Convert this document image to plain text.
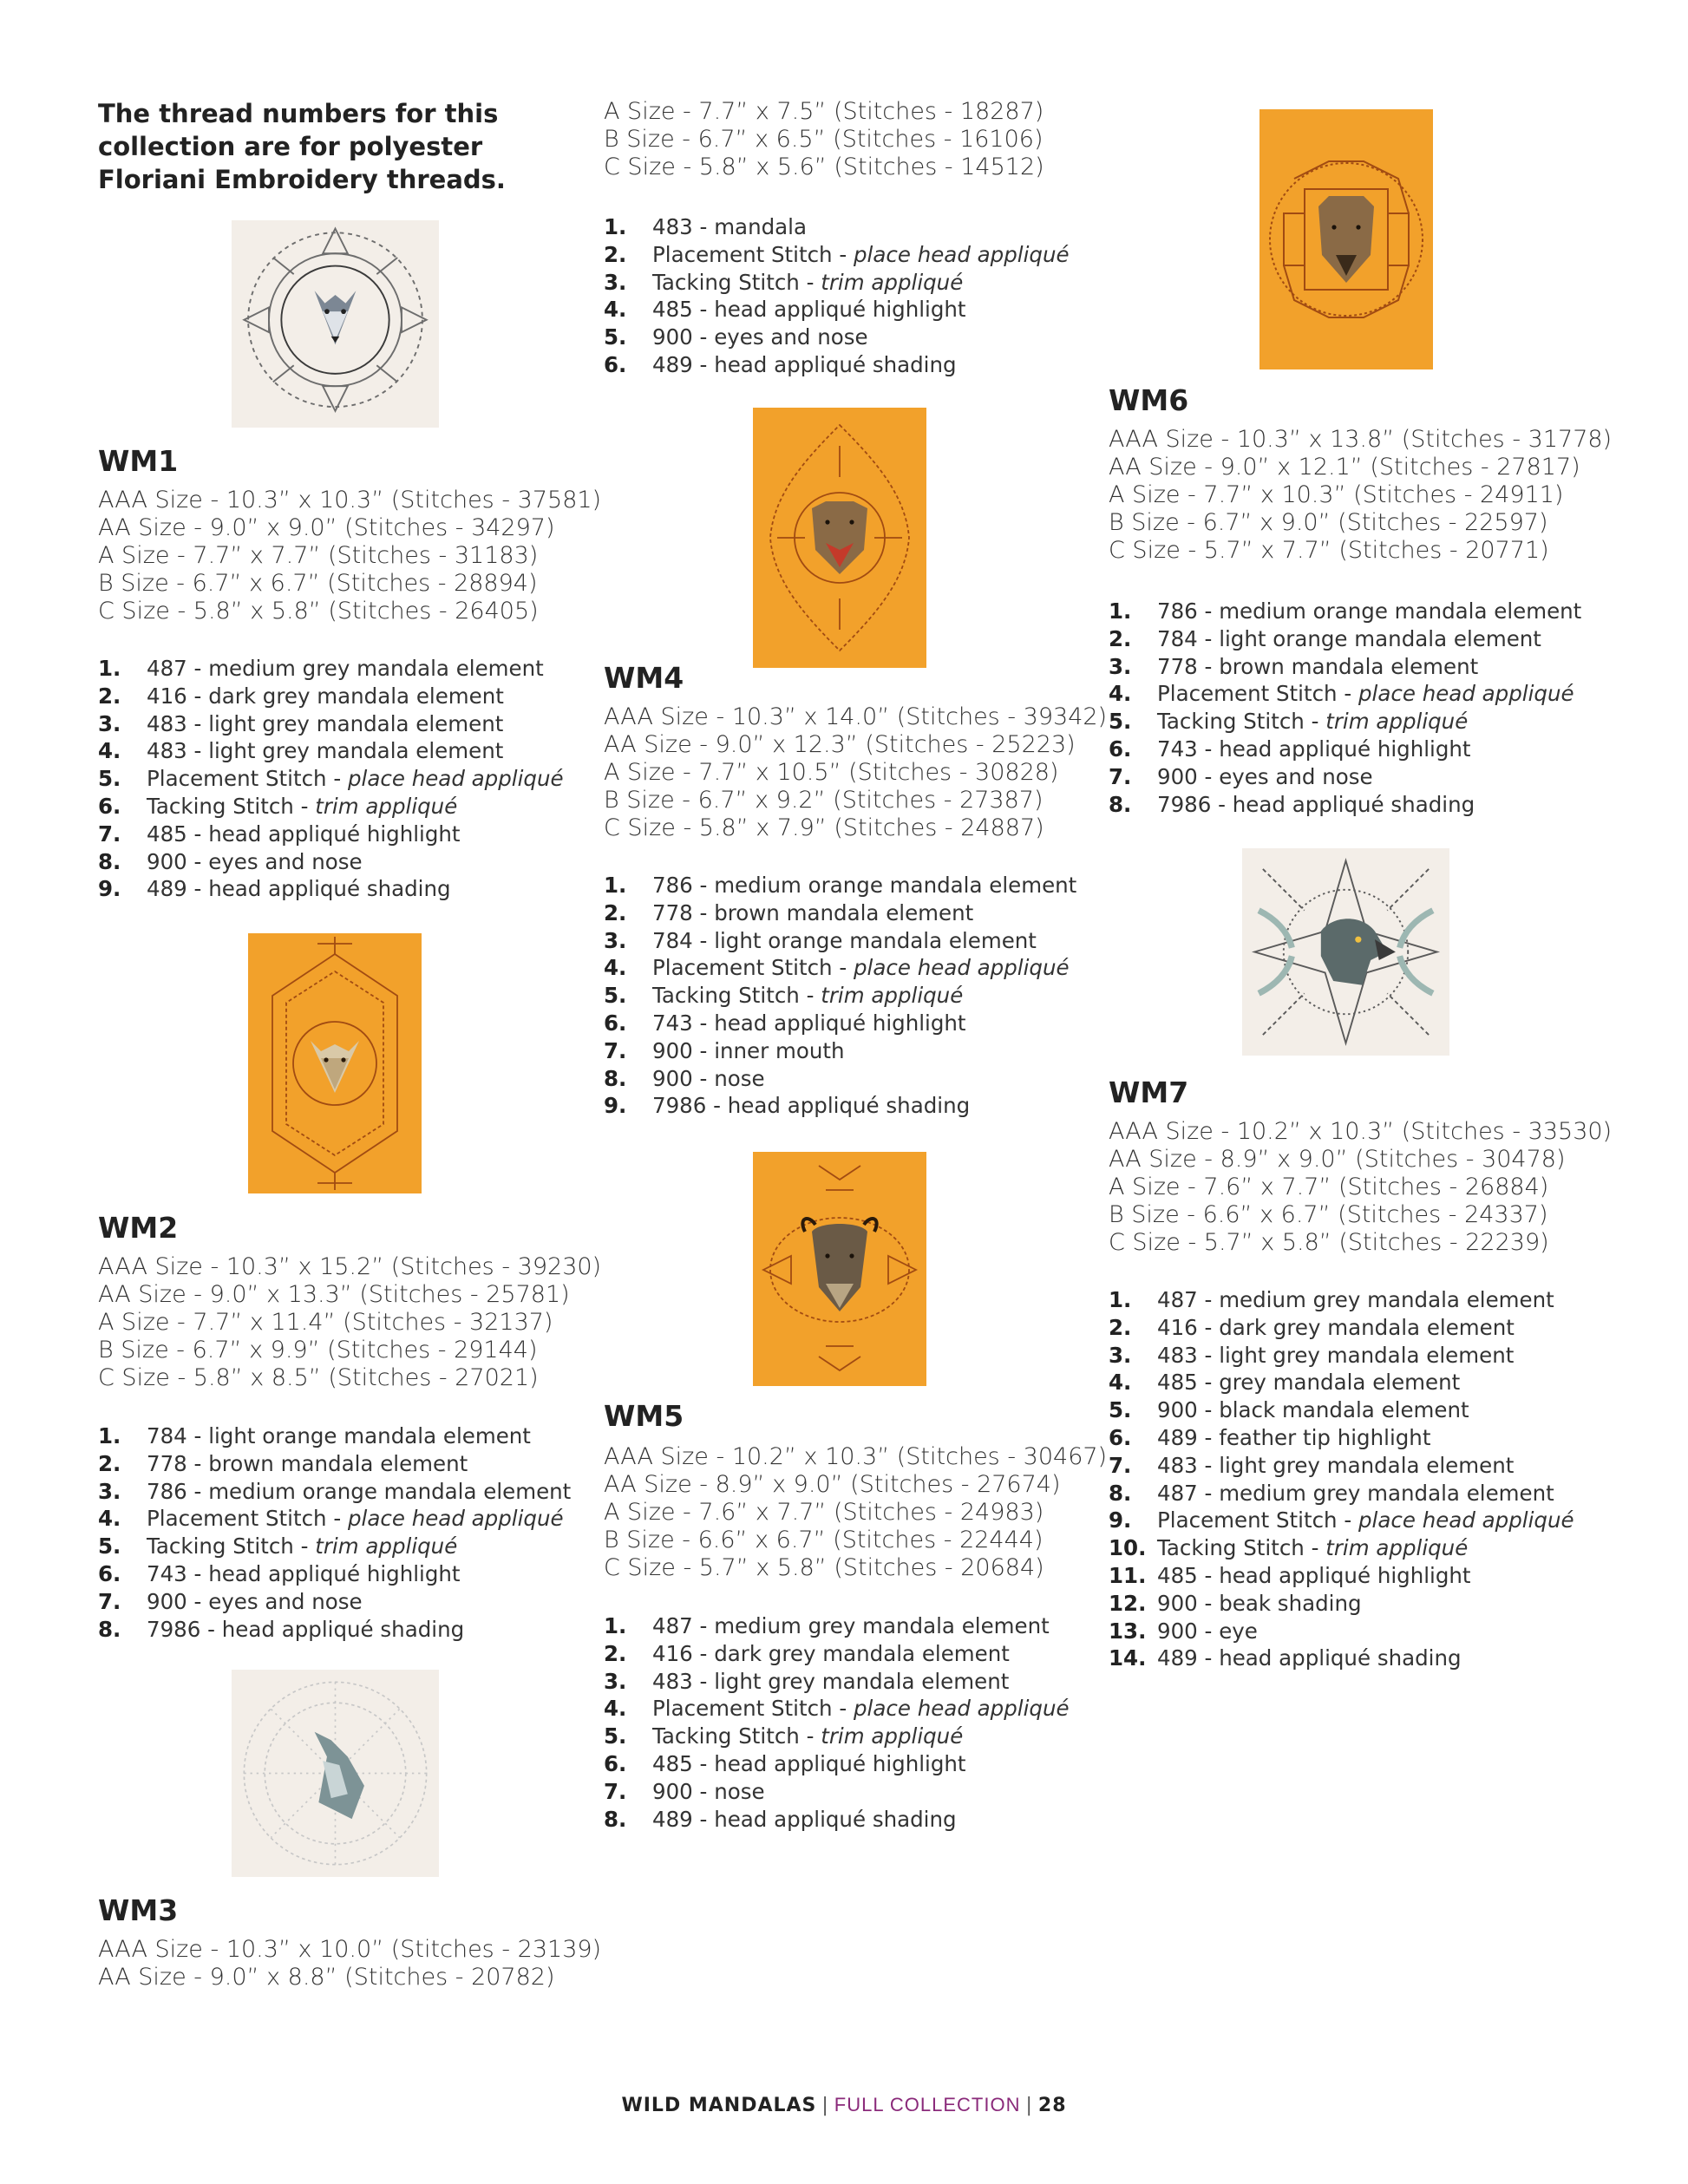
The thread numbers for this collection are for polyester Floriani Embroidery threads.
WM1
AAA Size - 10.3” x 10.3” (Stitches - 37581)
AA Size - 9.0” x 9.0” (Stitches - 34297)
A Size - 7.7” x 7.7” (Stitches - 31183)
B Size - 6.7” x 6.7” (Stitches - 28894)
C Size - 5.8” x 5.8” (Stitches - 26405)
1. 487 - medium grey mandala element
2. 416 - dark grey mandala element
3. 483 - light grey mandala element
4. 483 - light grey mandala element
5. Placement Stitch - place head appliqué
6. Tacking Stitch - trim appliqué
7. 485 - head appliqué highlight
8. 900 - eyes and nose
9. 489 - head appliqué shading
WM2
AAA Size - 10.3” x 15.2” (Stitches - 39230)
AA Size - 9.0” x 13.3” (Stitches - 25781)
A Size - 7.7” x 11.4” (Stitches - 32137)
B Size - 6.7” x 9.9” (Stitches - 29144)
C Size - 5.8” x 8.5” (Stitches - 27021)
1. 784 - light orange mandala element
2. 778 - brown mandala element
3. 786 - medium orange mandala element
4. Placement Stitch - place head appliqué
5. Tacking Stitch - trim appliqué
6. 743 - head appliqué highlight
7. 900 - eyes and nose
8. 7986 - head appliqué shading
WM3
AAA Size - 10.3” x 10.0” (Stitches - 23139)
AA Size - 9.0” x 8.8” (Stitches - 20782)
A Size - 7.7” x 7.5” (Stitches - 18287)
B Size - 6.7” x 6.5” (Stitches - 16106)
C Size - 5.8” x 5.6” (Stitches - 14512)
1. 483 - mandala
2. Placement Stitch - place head appliqué
3. Tacking Stitch - trim appliqué
4. 485 - head appliqué highlight
5. 900 - eyes and nose
6. 489 - head appliqué shading
WM4
AAA Size - 10.3” x 14.0” (Stitches - 39342)
AA Size - 9.0” x 12.3” (Stitches - 25223)
A Size - 7.7” x 10.5” (Stitches - 30828)
B Size - 6.7” x 9.2” (Stitches - 27387)
C Size - 5.8” x 7.9” (Stitches - 24887)
1. 786 - medium orange mandala element
2. 778 - brown mandala element
3. 784 - light orange mandala element
4. Placement Stitch - place head appliqué
5. Tacking Stitch - trim appliqué
6. 743 - head appliqué highlight
7. 900 - inner mouth
8. 900 - nose
9. 7986 - head appliqué shading
WM5
AAA Size - 10.2” x 10.3” (Stitches - 30467)
AA Size - 8.9” x 9.0” (Stitches - 27674)
A Size - 7.6” x 7.7” (Stitches - 24983)
B Size - 6.6” x 6.7” (Stitches - 22444)
C Size - 5.7” x 5.8” (Stitches - 20684)
1. 487 - medium grey mandala element
2. 416 - dark grey mandala element
3. 483 - light grey mandala element
4. Placement Stitch - place head appliqué
5. Tacking Stitch - trim appliqué
6. 485 - head appliqué highlight
7. 900 - nose
8. 489 - head appliqué shading
WM6
AAA Size - 10.3” x 13.8” (Stitches - 31778)
AA Size - 9.0” x 12.1” (Stitches - 27817)
A Size - 7.7” x 10.3” (Stitches - 24911)
B Size - 6.7” x 9.0” (Stitches - 22597)
C Size - 5.7” x 7.7” (Stitches - 20771)
1. 786 - medium orange mandala element
2. 784 - light orange mandala element
3. 778 - brown mandala element
4. Placement Stitch - place head appliqué
5. Tacking Stitch - trim appliqué
6. 743 - head appliqué highlight
7. 900 - eyes and nose
8. 7986 - head appliqué shading
WM7
AAA Size - 10.2” x 10.3” (Stitches - 33530)
AA Size - 8.9” x 9.0” (Stitches - 30478)
A Size - 7.6” x 7.7” (Stitches - 26884)
B Size - 6.6” x 6.7” (Stitches - 24337)
C Size - 5.7” x 5.8” (Stitches - 22239)
1. 487 - medium grey mandala element
2. 416 - dark grey mandala element
3. 483 - light grey mandala element
4. 485 - grey mandala element
5. 900 - black mandala element
6. 489 - feather tip highlight
7. 483 - light grey mandala element
8. 487 - medium grey mandala element
9. Placement Stitch - place head appliqué
10. Tacking Stitch - trim appliqué
11. 485 - head appliqué highlight
12. 900 - beak shading
13. 900 - eye
14. 489 - head appliqué shading
WILD MANDALAS | FULL COLLECTION | 28
